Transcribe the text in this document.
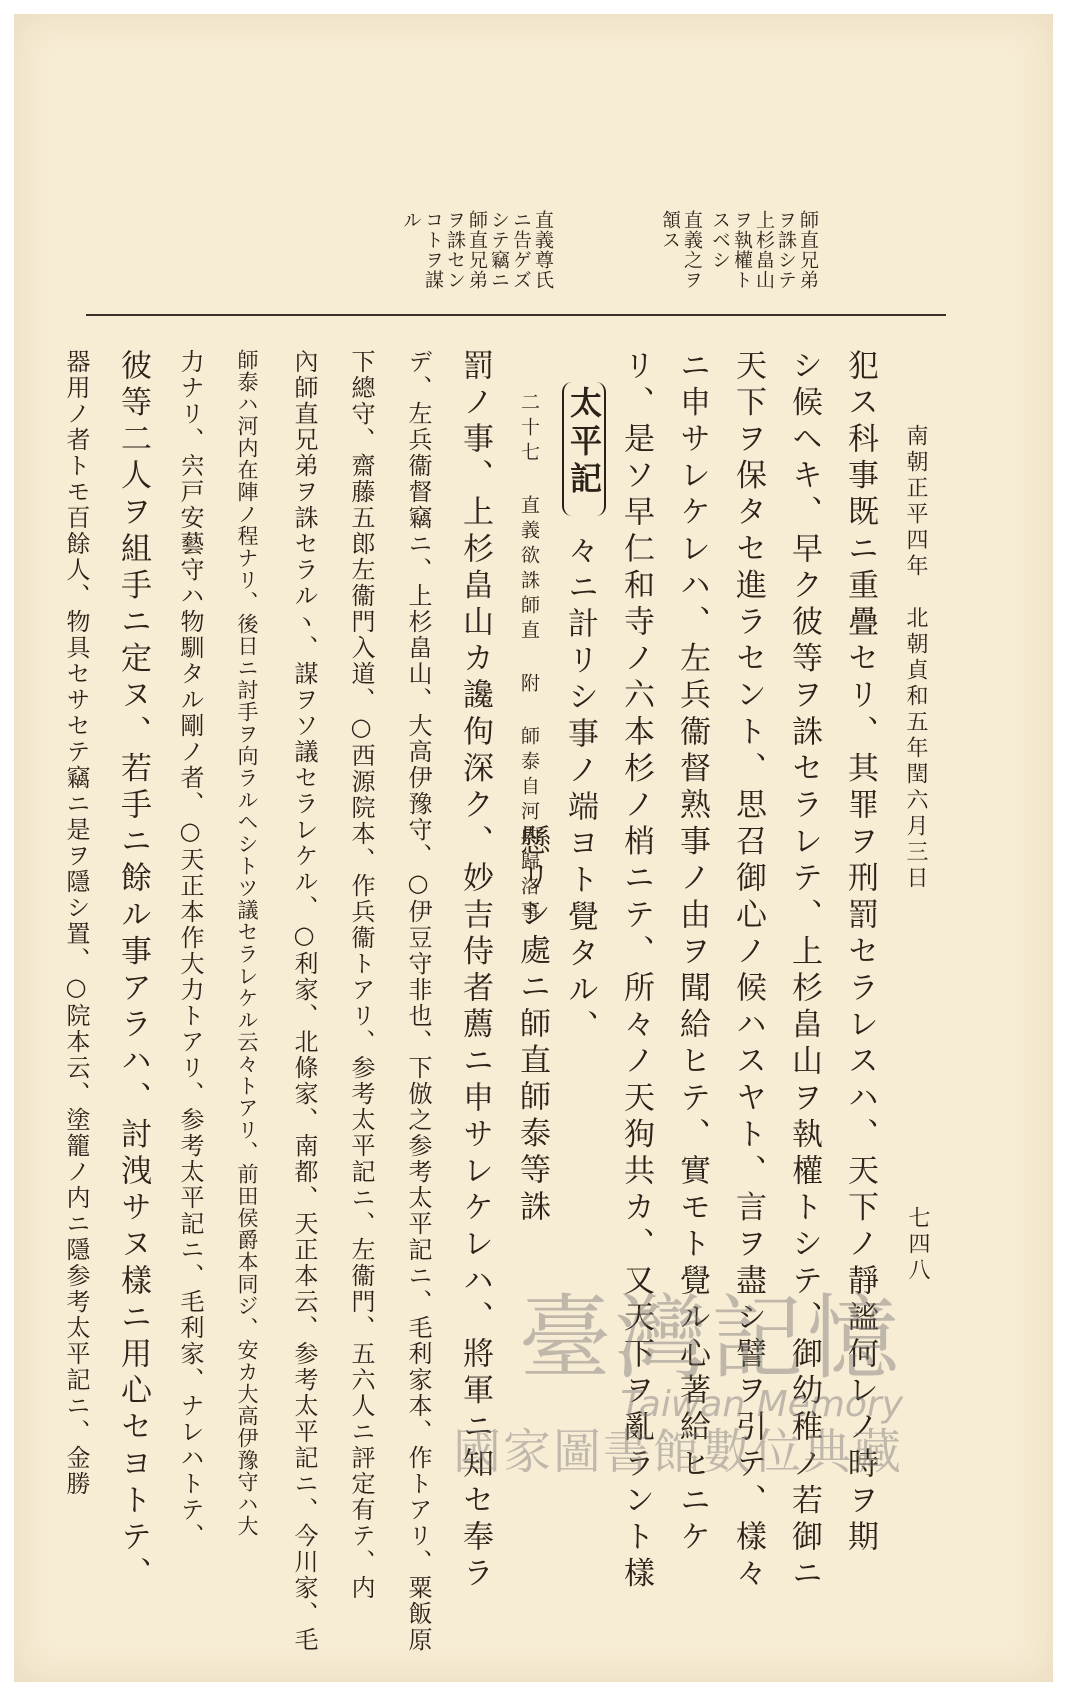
南朝正平四年　北朝貞和五年閏六月三日
七四八
師直兄弟
ヲ誅シテ
上杉畠山
ヲ執權ト
スベシ
直義之ヲ
頷ス
直義尊氏
ニ告ゲズ
シテ竊ニ
師直兄弟
ヲ誅セン
コトヲ謀
ル
犯ス科事既ニ重疊セリ、其罪ヲ刑罰セラレスハ、天下ノ靜謐何レノ時ヲ期
シ候ヘキ、早ク彼等ヲ誅セラレテ、上杉畠山ヲ執權トシテ、御幼稚ノ若御ニ
天下ヲ保タセ進ラセント、思召御心ノ候ハスヤト、言ヲ盡シ譬ヲ引テ、樣々
ニ申サレケレハ、左兵衞督熟事ノ由ヲ聞給ヒテ、實モト覺ル心著給ヒニケ
リ、是ソ早仁和寺ノ六本杉ノ梢ニテ、所々ノ天狗共カ、又天下ヲ亂ラント樣
々ニ計リシ事ノ端ヨト覺タル、
太平記
二十七 直義欲誅師直 附 師泰自河内歸洛事
懸リシ處ニ師直師泰等誅
罰ノ事、上杉畠山カ讒佝深ク、妙吉侍者薦ニ申サレケレハ、將軍ニ知セ奉ラ
デ、左兵衞督竊ニ、上杉畠山、大高伊豫守、○伊豆守非也、下倣之参考太平記ニ、毛利家本、作トアリ、粟飯原
下總守、齋藤五郎左衞門入道、○西源院本、作兵衞トアリ、参考太平記ニ、左衞門、五六人ニ評定有テ、内
內師直兄弟ヲ誅セラルヽ、謀ヲソ議セラレケル、○利家、北條家、南都、天正本云、参考太平記ニ、今川家、毛
師泰ハ河内在陣ノ程ナリ、後日ニ討手ヲ向ラルヘシトツ議セラレケル云々トアリ、前田侯爵本同ジ、安カ大高伊豫守ハ大
力ナリ、宍戸安藝守ハ物馴タル剛ノ者、○天正本作大力トアリ、参考太平記ニ、毛利家、ナレハトテ、
彼等二人ヲ組手ニ定ヌ、若手ニ餘ル事アラハ、討洩サヌ樣ニ用心セヨトテ、
器用ノ者トモ百餘人、物具セサセテ竊ニ是ヲ隱シ置、○院本云、塗籠ノ内ニ隱参考太平記ニ、金勝	臺灣記憶
Taiwan Memory
國家圖書館數位典藏
